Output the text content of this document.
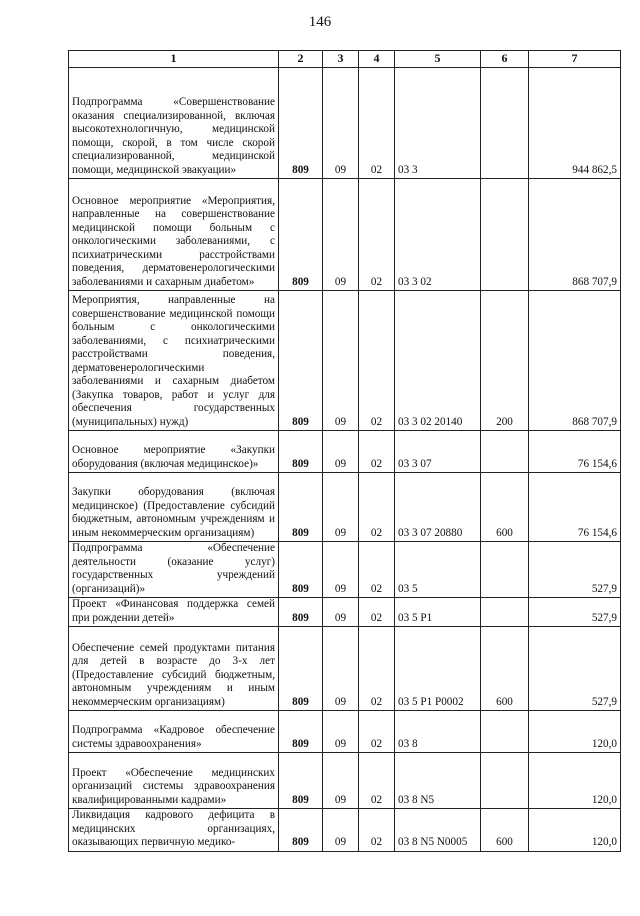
146
1	2	3	4	5	6	7
Подпрограмма «Совершенствование оказания специализированной, включая высокотехнологичную, медицинской помощи, скорой, в том числе скорой специализированной, медицинской помощи, медицинской эвакуации»	809	09	02	03 3		944 862,5
Основное мероприятие «Мероприятия, направленные на совершенствование медицинской помощи больным с онкологическими заболеваниями, с психиатрическими расстройствами поведения, дерматовенерологическими заболеваниями и сахарным диабетом»	809	09	02	03 3 02		868 707,9
Мероприятия, направленные на совершенствование медицинской помощи больным с онкологическими заболеваниями, с психиатрическими расстройствами поведения, дерматовенерологическими заболеваниями и сахарным диабетом (Закупка товаров, работ и услуг для обеспечения государственных (муниципальных) нужд)	809	09	02	03 3 02 20140	200	868 707,9
Основное мероприятие «Закупки оборудования (включая медицинское)»	809	09	02	03 3 07		76 154,6
Закупки оборудования (включая медицинское) (Предоставление субсидий бюджетным, автономным учреждениям и иным некоммерческим организациям)	809	09	02	03 3 07 20880	600	76 154,6
Подпрограмма «Обеспечение деятельности (оказание услуг) государственных учреждений (организаций)»	809	09	02	03 5		527,9
Проект «Финансовая поддержка семей при рождении детей»	809	09	02	03 5 P1		527,9
Обеспечение семей продуктами питания для детей в возрасте до 3-х лет (Предоставление субсидий бюджетным, автономным учреждениям и иным некоммерческим организациям)	809	09	02	03 5 P1 P0002	600	527,9
Подпрограмма «Кадровое обеспечение системы здравоохранения»	809	09	02	03 8		120,0
Проект «Обеспечение медицинских организаций системы здравоохранения квалифицированными кадрами»	809	09	02	03 8 N5		120,0
Ликвидация кадрового дефицита в медицинских организациях, оказывающих первичную медико-	809	09	02	03 8 N5 N0005	600	120,0
